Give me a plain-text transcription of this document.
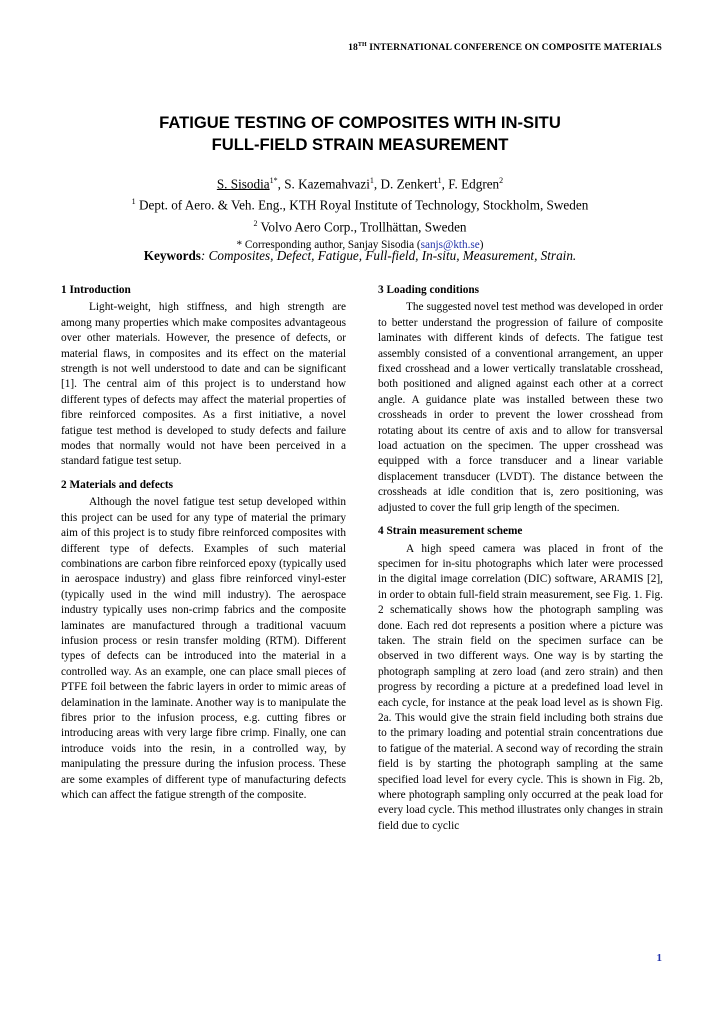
18TH INTERNATIONAL CONFERENCE ON COMPOSITE MATERIALS
FATIGUE TESTING OF COMPOSITES WITH IN-SITU
FULL-FIELD STRAIN MEASUREMENT
S. Sisodia$^{1*}$, S. Kazemahvazi$^1$, D. Zenkert$^1$, F. Edgren$^2$
$^1$ Dept. of Aero. & Veh. Eng., KTH Royal Institute of Technology, Stockholm, Sweden
$^2$ Volvo Aero Corp., Trollhättan, Sweden
* Corresponding author, Sanjay Sisodia (sanjs@kth.se)
Keywords: Composites, Defect, Fatigue, Full-field, In-situ, Measurement, Strain.
1 Introduction

Light-weight, high stiffness, and high strength are among many properties which make composites advantageous over other materials. However, the presence of defects, or material flaws, in composites and its effect on the material strength is not well understood to date and can be significant [1]. The central aim of this project is to understand how different types of defects may affect the material properties of fibre reinforced composites. As a first initiative, a novel fatigue test method is developed to study defects and failure modes that normally would not have been perceived in a standard fatigue test setup.

2 Materials and defects

Although the novel fatigue test setup developed within this project can be used for any type of material the primary aim of this project is to study fibre reinforced composites with different type of defects. Examples of such material combinations are carbon fibre reinforced epoxy (typically used in aerospace industry) and glass fibre reinforced vinyl-ester (typically used in the wind mill industry). The aerospace industry typically uses non-crimp fabrics and the composite laminates are manufactured through a traditional vacuum infusion process or resin transfer molding (RTM). Different types of defects can be introduced into the material in a controlled way. As an example, one can place small pieces of PTFE foil between the fabric layers in order to mimic areas of delamination in the laminate. Another way is to manipulate the fibres prior to the infusion process, e.g. cutting fibres or introducing areas with very large fibre crimp. Finally, one can introduce voids into the resin, in a controlled way, by manipulating the pressure during the infusion process. These are some examples of different type of manufacturing defects which can affect the fatigue strength of the composite.

3 Loading conditions

The suggested novel test method was developed in order to better understand the progression of failure of composite laminates with different kinds of defects. The fatigue test assembly consisted of a conventional arrangement, an upper fixed crosshead and a lower vertically translatable crosshead, both positioned and aligned against each other at a correct angle. A guidance plate was installed between these two crossheads in order to prevent the lower crosshead from rotating about its centre of axis and to allow for transversal load actuation on the specimen. The upper crosshead was equipped with a force transducer and a linear variable displacement transducer (LVDT). The distance between the crossheads at idle condition that is, zero positioning, was adjusted to cover the full grip length of the specimen.

4 Strain measurement scheme

A high speed camera was placed in front of the specimen for in-situ photographs which later were processed in the digital image correlation (DIC) software, ARAMIS [2], in order to obtain full-field strain measurement, see Fig. 1. Fig. 2 schematically shows how the photograph sampling was done. Each red dot represents a position where a picture was taken. The strain field on the specimen surface can be observed in two different ways. One way is by starting the photograph sampling at zero load (and zero strain) and then progress by recording a picture at a predefined load level in each cycle, for instance at the peak load level as is shown Fig. 2a. This would give the strain field including both strains due to the primary loading and potential strain concentrations due to fatigue of the material. A second way of recording the strain field is by starting the photograph sampling at the same specified load level for every cycle. This is shown in Fig. 2b, where photograph sampling only occurred at the peak load for every load cycle. This method illustrates only changes in strain field due to cyclic

1
